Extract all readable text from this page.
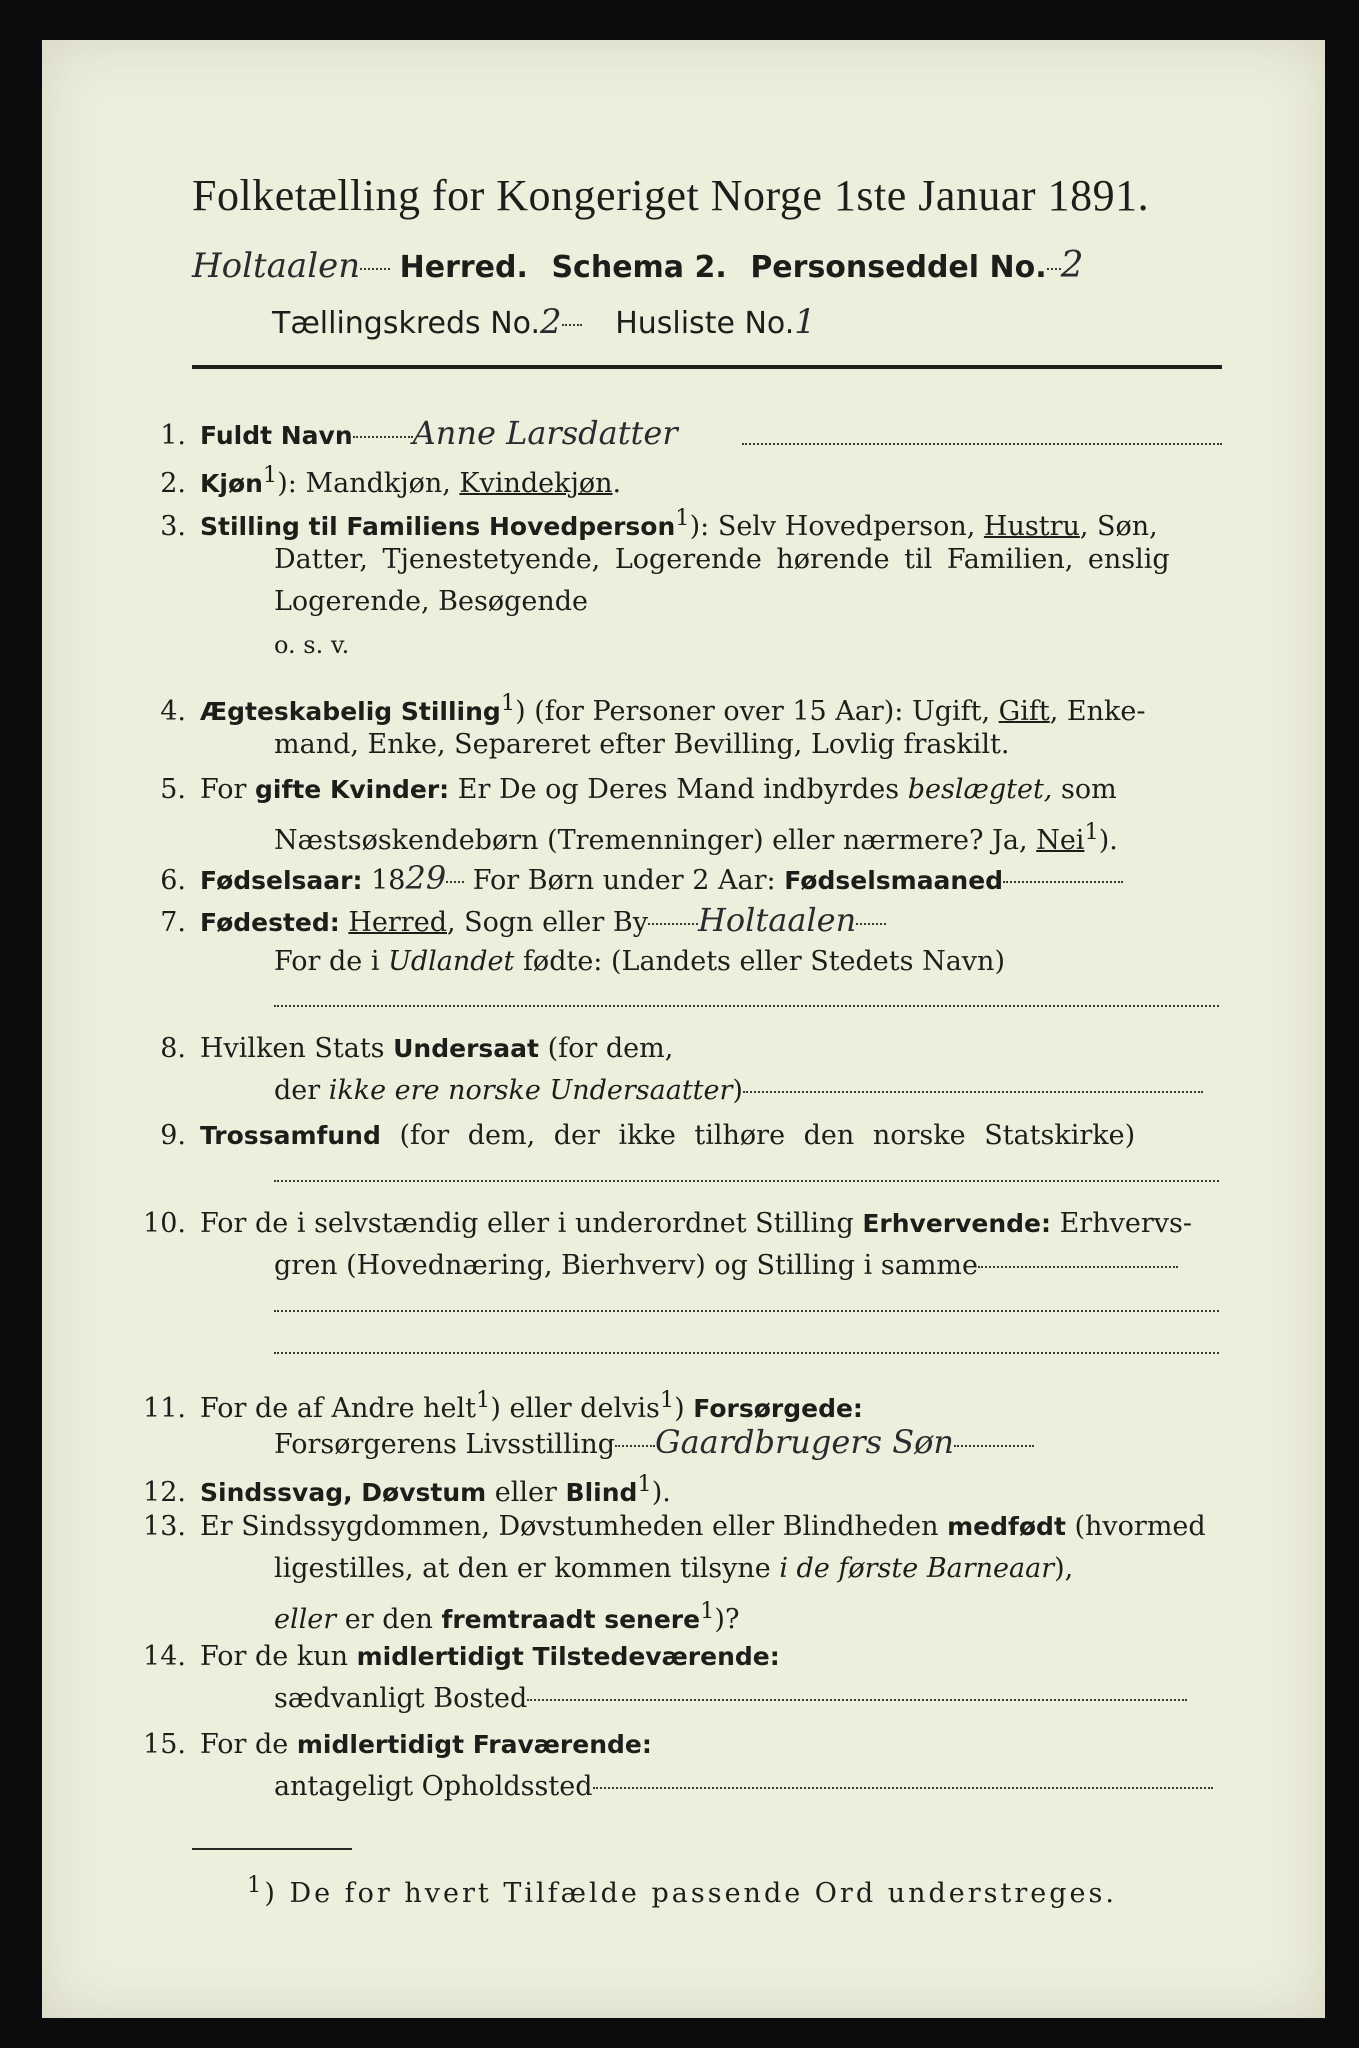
Folketælling for Kongeriget Norge 1ste Januar 1891.
Holtaalen Herred. Schema 2. Personseddel No. 2
Tællingskreds No.2 Husliste No.1
1. Fuldt Navn Anne Larsdatter
2. Kjøn$^1$): Mandkjøn, Kvindekjøn.
3. Stilling til Familiens Hovedperson$^1$): Selv Hovedperson, Hustru, Søn,
Datter, Tjenestetyende, Logerende hørende til Familien, enslig
Logerende, Besøgende
o. s. v.
4. Ægteskabelig Stilling$^1$) (for Personer over 15 Aar): Ugift, Gift, Enke-
mand, Enke, Separeret efter Bevilling, Lovlig fraskilt.
5. For gifte Kvinder: Er De og Deres Mand indbyrdes beslægtet, som
Næstsøskendebørn (Tremenninger) eller nærmere? Ja, Nei$^1$).
6. Fødselsaar: 1829 For Børn under 2 Aar: Fødselsmaaned
7. Fødested: Herred, Sogn eller By Holtaalen
For de i Udlandet fødte: (Landets eller Stedets Navn)
8. Hvilken Stats Undersaat (for dem,
der ikke ere norske Undersaatter)
9. Trossamfund (for dem, der ikke tilhøre den norske Statskirke)
10. For de i selvstændig eller i underordnet Stilling Erhvervende: Erhvervs-
gren (Hovednæring, Bierhverv) og Stilling i samme
11. For de af Andre helt$^1$) eller delvis$^1$) Forsørgede:
Forsørgerens Livsstilling Gaardbrugers Søn
12. Sindssvag, Døvstum eller Blind$^1$).
13. Er Sindssygdommen, Døvstumheden eller Blindheden medfødt (hvormed
ligestilles, at den er kommen tilsyne i de første Barneaar),
eller er den fremtraadt senere$^1$)?
14. For de kun midlertidigt Tilstedeværende:
sædvanligt Bosted
15. For de midlertidigt Fraværende:
antageligt Opholdssted
$^1$) De for hvert Tilfælde passende Ord understreges.
